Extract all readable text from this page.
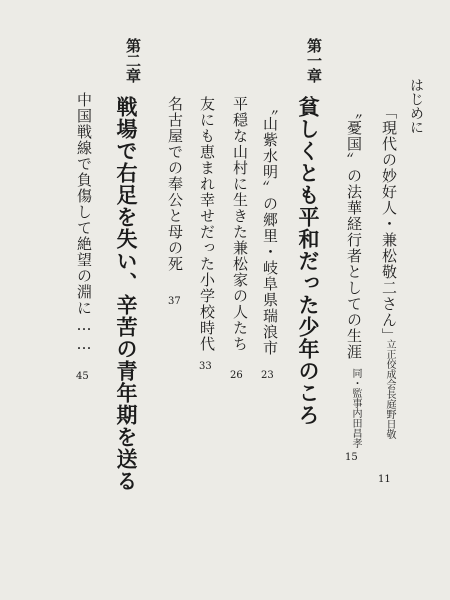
はじめに
「現代の妙好人・兼松敬二さん」
立正佼成会長庭野日敬
11
〝憂国〟の法華経行者としての生涯
同・監事内田昌孝
15
第一章
貧しくとも平和だった少年のころ
〝山紫水明〟の郷里・岐阜県瑞浪市
23
平穏な山村に生きた兼松家の人たち
26
友にも恵まれ幸せだった小学校時代
33
名古屋での奉公と母の死
37
第二章
戦場で右足を失い、辛苦の青年期を送る
中国戦線で負傷して絶望の淵に……
45
